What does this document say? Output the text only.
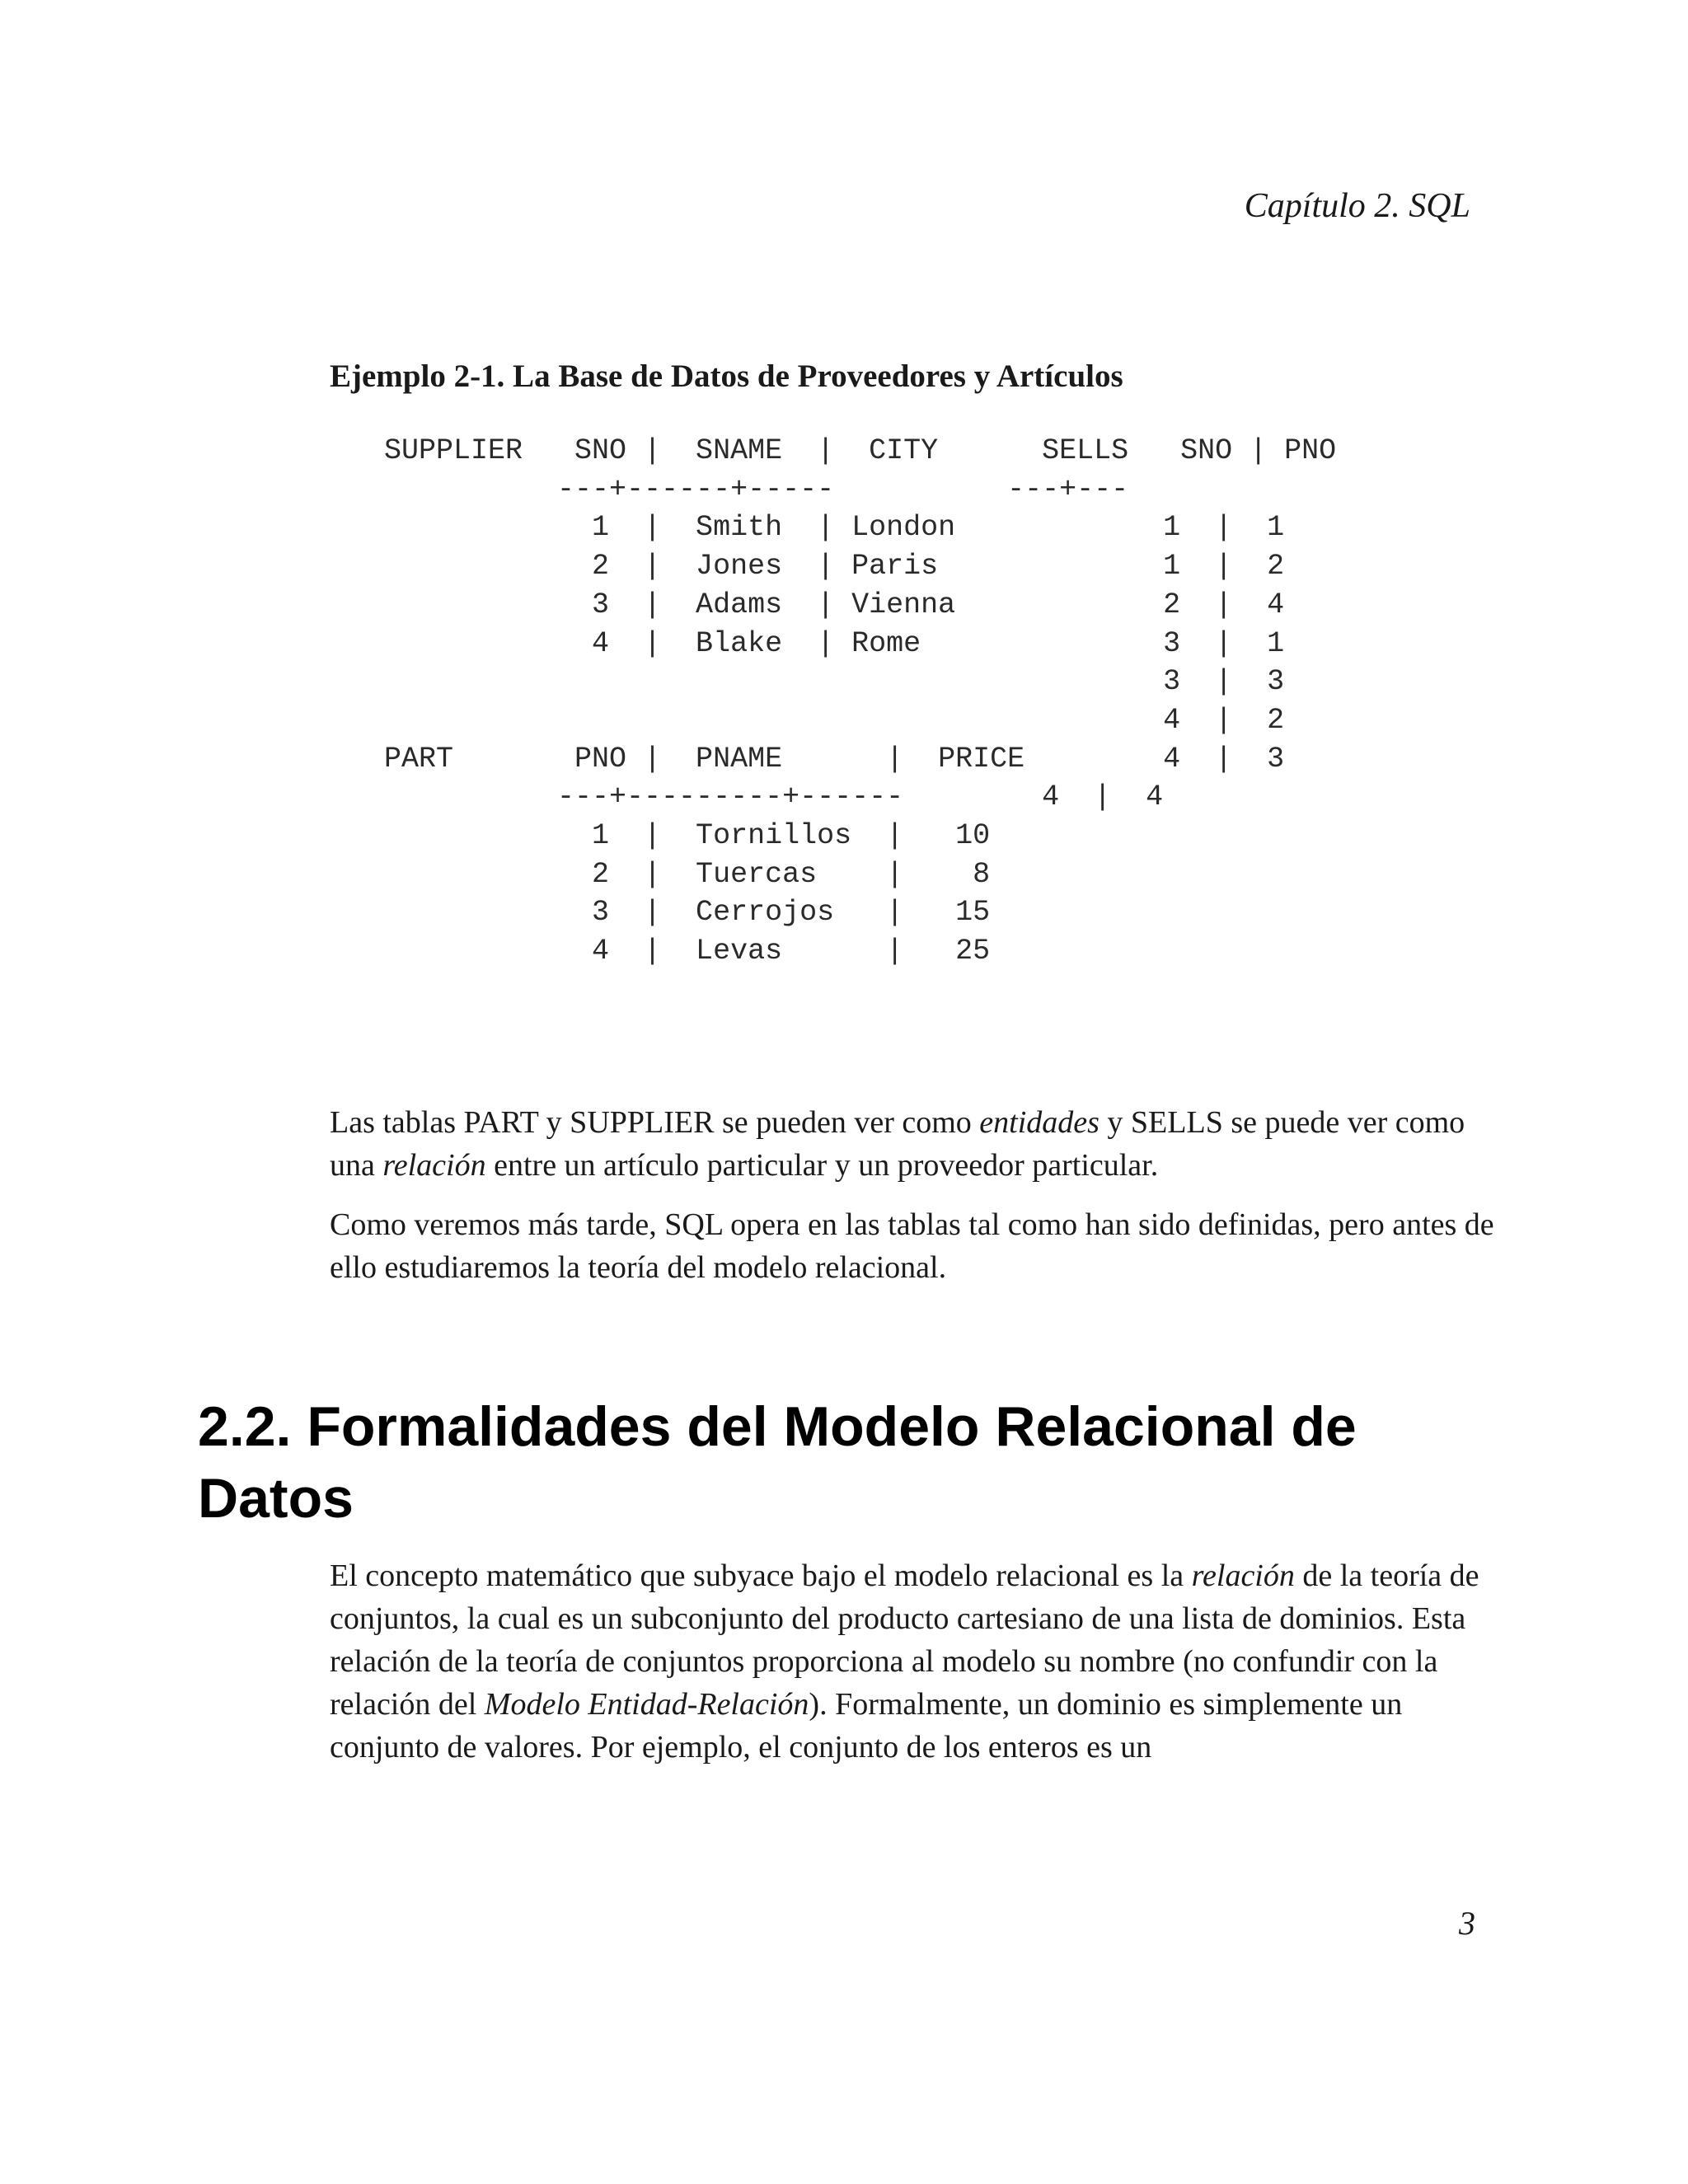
Capítulo 2. SQL
Ejemplo 2-1. La Base de Datos de Proveedores y Artículos
SUPPLIER   SNO |  SNAME  |  CITY      SELLS   SNO | PNO
---+------+-----          ---+---
1  |  Smith  | London            1  |  1
2  |  Jones  | Paris             1  |  2
3  |  Adams  | Vienna            2  |  4
4  |  Blake  | Rome              3  |  1
3  |  3
4  |  2
PART       PNO |  PNAME      |  PRICE        4  |  3
---+---------+------        4  |  4
1  |  Tornillos  |   10
2  |  Tuercas    |    8
3  |  Cerrojos   |   15
4  |  Levas      |   25

Las tablas PART y SUPPLIER se pueden ver como entidades y SELLS se puede ver como una relación entre un artículo particular y un proveedor particular.

Como veremos más tarde, SQL opera en las tablas tal como han sido definidas, pero antes de ello estudiaremos la teoría del modelo relacional.

2.2. Formalidades del Modelo Relacional de Datos

El concepto matemático que subyace bajo el modelo relacional es la relación de la teoría de conjuntos, la cual es un subconjunto del producto cartesiano de una lista de dominios. Esta relación de la teoría de conjuntos proporciona al modelo su nombre (no confundir con la relación del Modelo Entidad-Relación). Formalmente, un dominio es simplemente un conjunto de valores. Por ejemplo, el conjunto de los enteros es un

3
